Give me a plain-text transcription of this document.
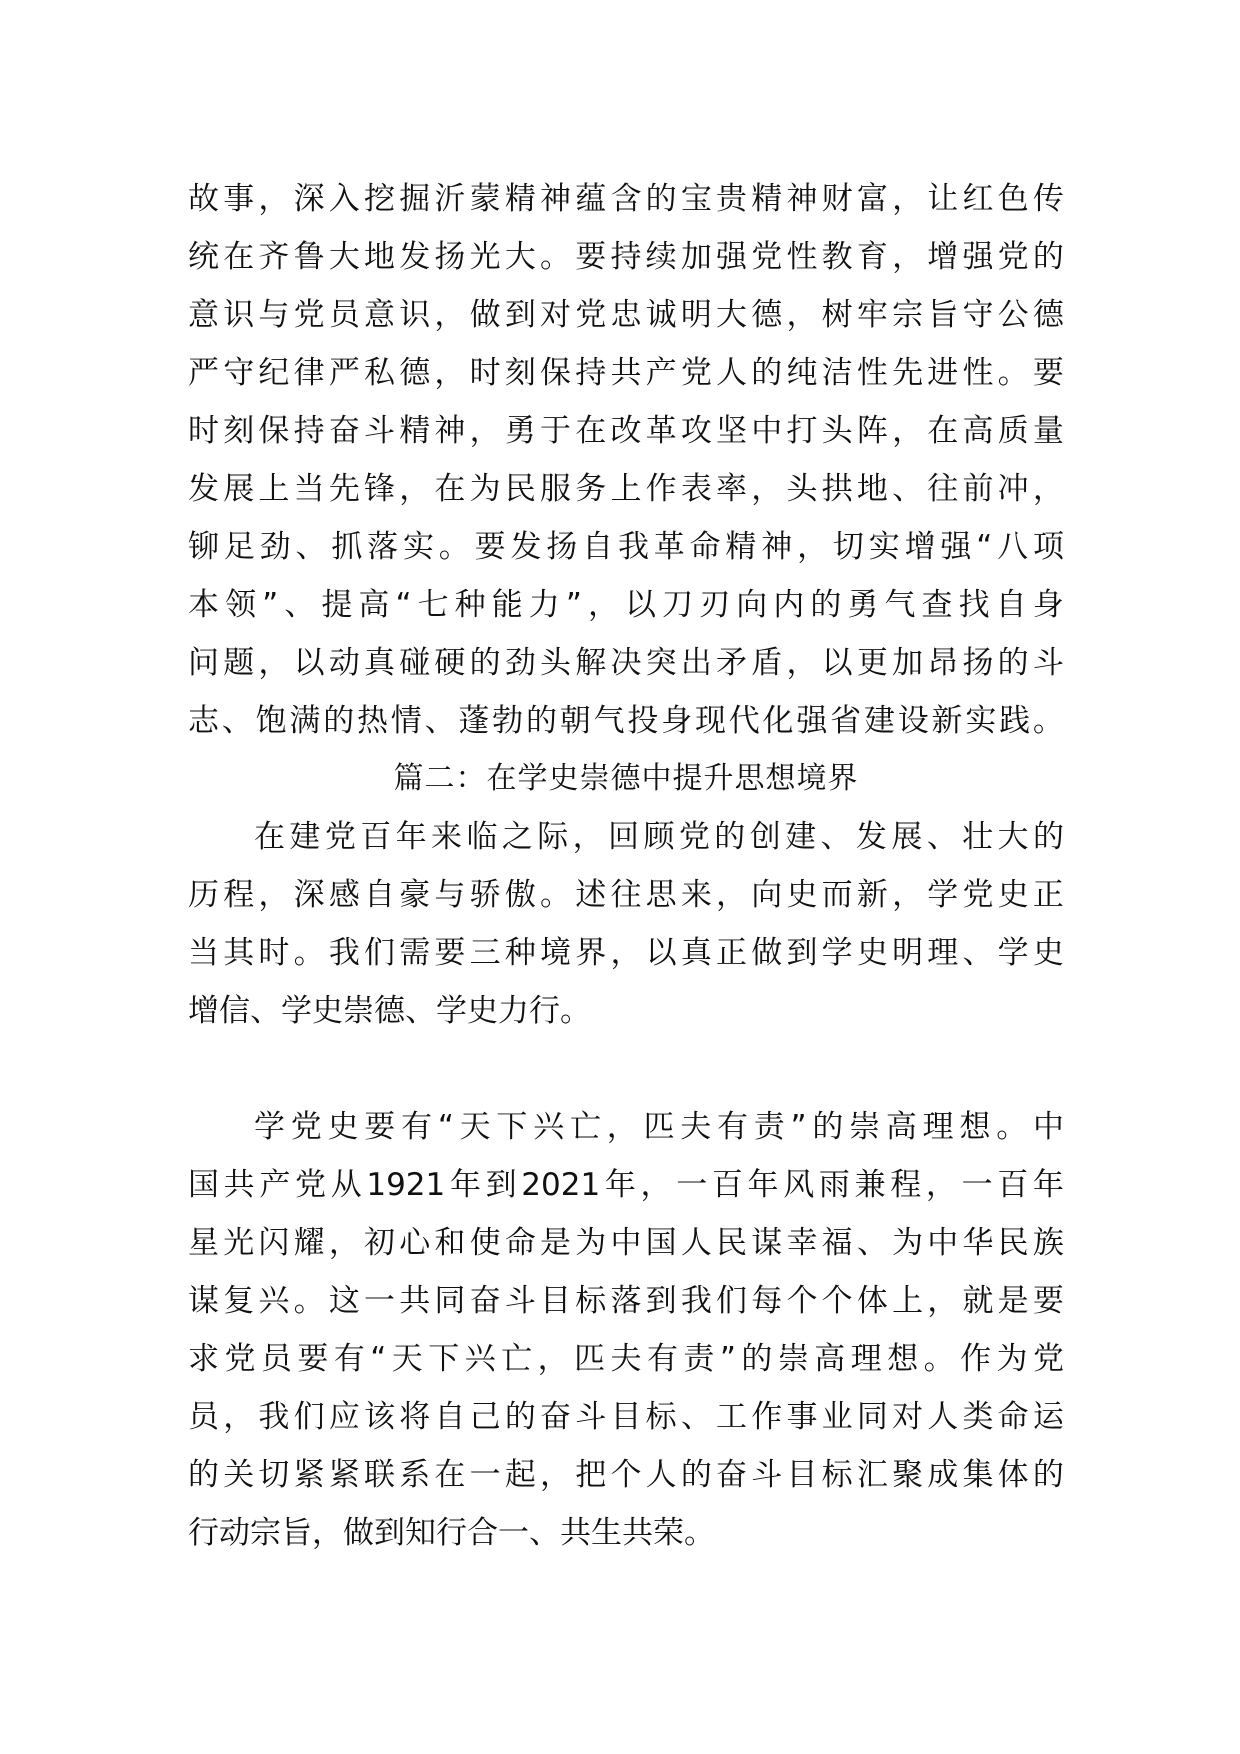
故 事 ， 深 入 挖 掘 沂 蒙 精 神 蕴 含 的 宝 贵 精 神 财 富 ， 让 红 色 传
统 在 齐 鲁 大 地 发 扬 光 大 。 要 持 续 加 强 党 性 教 育 ， 增 强 党 的
意 识 与 党 员 意 识 ， 做 到 对 党 忠 诚 明 大 德 ， 树 牢 宗 旨 守 公 德
严 守 纪 律 严 私 德 ， 时 刻 保 持 共 产 党 人 的 纯 洁 性 先 进 性 。 要
时 刻 保 持 奋 斗 精 神 ， 勇 于 在 改 革 攻 坚 中 打 头 阵 ， 在 高 质 量
发 展 上 当 先 锋 ， 在 为 民 服 务 上 作 表 率 ， 头 拱 地 、 往 前 冲 ，
铆 足 劲 、 抓 落 实 。 要 发 扬 自 我 革 命 精 神 ， 切 实 增 强 “ 八 项
本 领 ” 、 提 高 “ 七 种 能 力 ” ， 以 刀 刃 向 内 的 勇 气 查 找 自 身
问 题 ， 以 动 真 碰 硬 的 劲 头 解 决 突 出 矛 盾 ， 以 更 加 昂 扬 的 斗
志 、 饱 满 的 热 情 、 蓬 勃 的 朝 气 投 身 现 代 化 强 省 建 设 新 实 践 。
篇二：在学史崇德中提升思想境界
在 建 党 百 年 来 临 之 际 ， 回 顾 党 的 创 建 、 发 展 、 壮 大 的
历 程 ， 深 感 自 豪 与 骄 傲 。 述 往 思 来 ， 向 史 而 新 ， 学 党 史 正
当 其 时 。 我 们 需 要 三 种 境 界 ， 以 真 正 做 到 学 史 明 理 、 学 史
增信、学史崇德、学史力行。
学 党 史 要 有 “ 天 下 兴 亡 ， 匹 夫 有 责 ” 的 崇 高 理 想 。 中
国 共 产 党 从 1921 年 到 2021 年 ， 一 百 年 风 雨 兼 程 ， 一 百 年
星 光 闪 耀 ， 初 心 和 使 命 是 为 中 国 人 民 谋 幸 福 、 为 中 华 民 族
谋 复 兴 。 这 一 共 同 奋 斗 目 标 落 到 我 们 每 个 个 体 上 ， 就 是 要
求 党 员 要 有 “ 天 下 兴 亡 ， 匹 夫 有 责 ” 的 崇 高 理 想 。 作 为 党
员 ， 我 们 应 该 将 自 己 的 奋 斗 目 标 、 工 作 事 业 同 对 人 类 命 运
的 关 切 紧 紧 联 系 在 一 起 ， 把 个 人 的 奋 斗 目 标 汇 聚 成 集 体 的
行动宗旨，做到知行合一、共生共荣。
